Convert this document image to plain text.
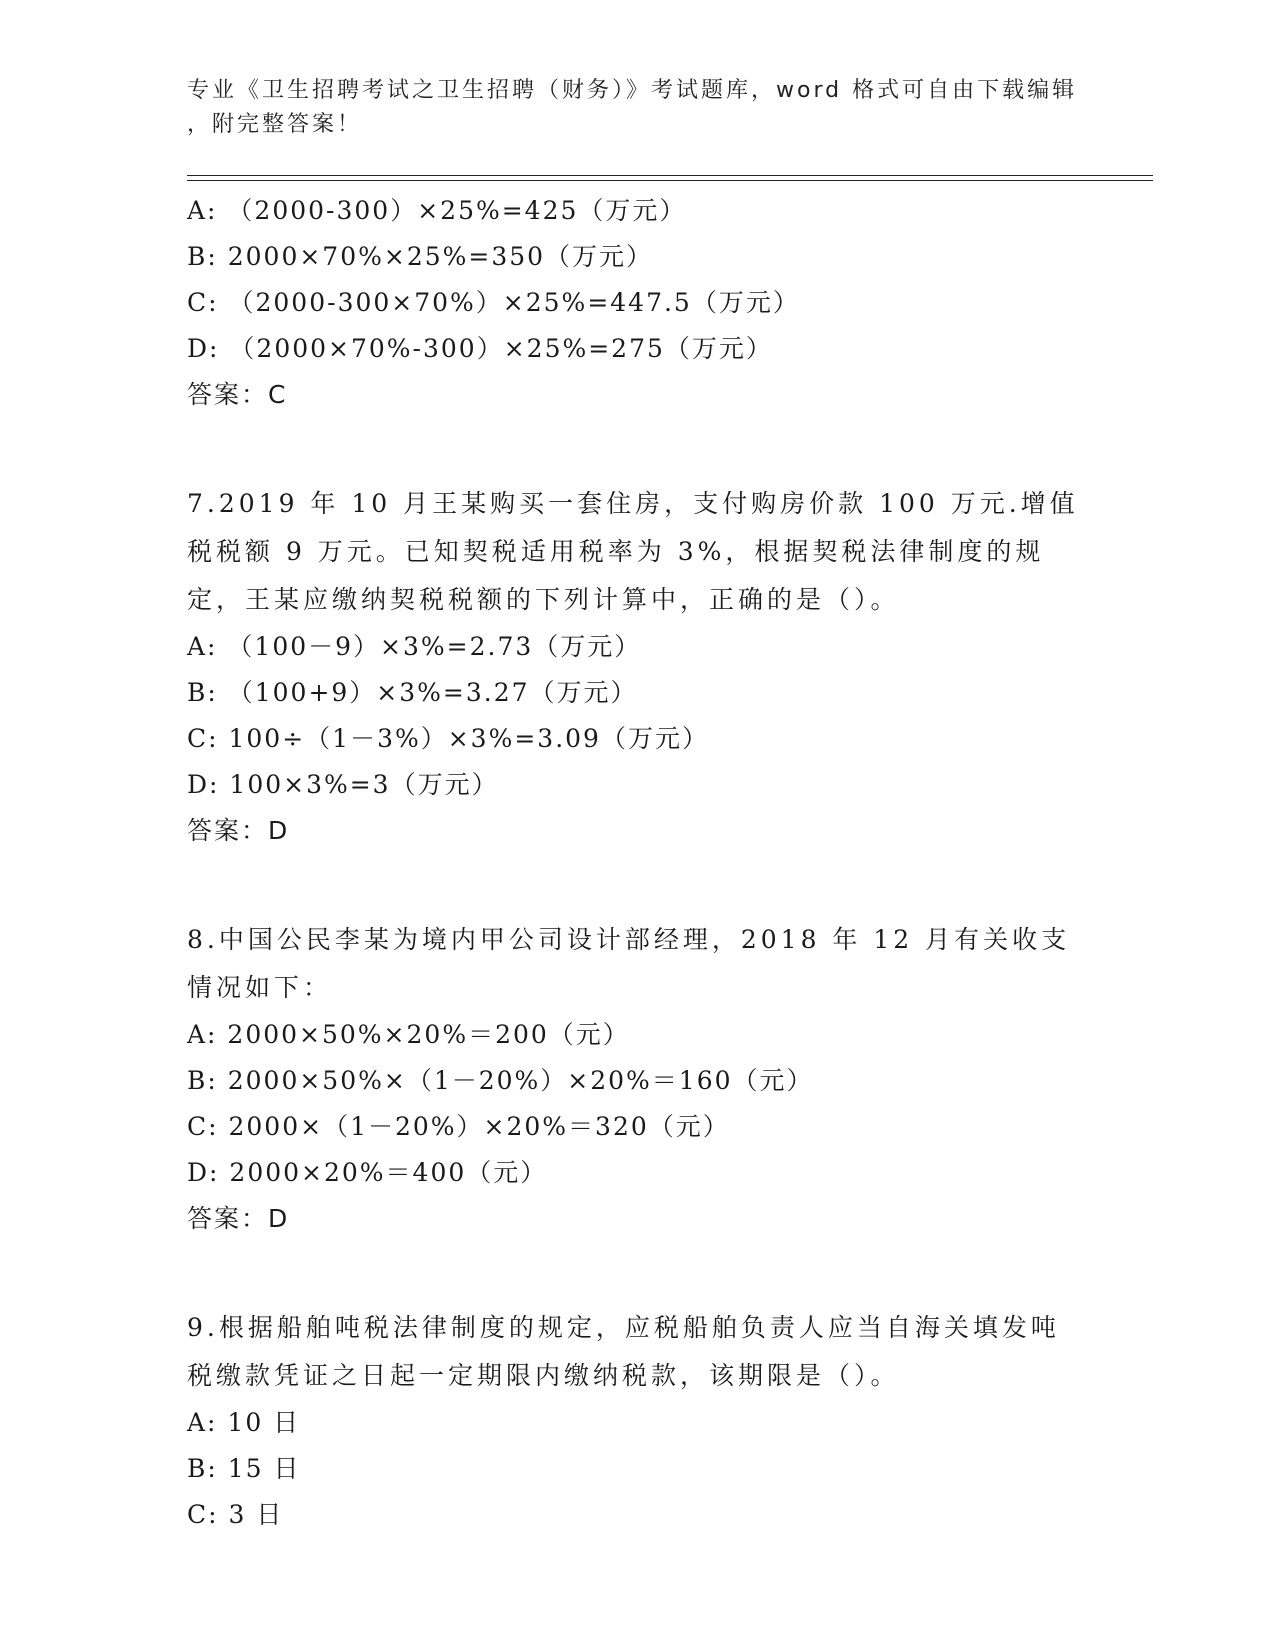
专业《卫生招聘考试之卫生招聘（财务）》考试题库，word 格式可自由下载编辑
，附完整答案！
A: （2000-300）×25%=425（万元）
B: 2000×70%×25%=350（万元）
C: （2000-300×70%）×25%=447.5（万元）
D: （2000×70%-300）×25%=275（万元）
答案：C
7.2019 年 10 月王某购买一套住房，支付购房价款 100 万元.增值税税额 9 万元。已知契税适用税率为 3%，根据契税法律制度的规定，王某应缴纳契税税额的下列计算中，正确的是（）。
A: （100－9）×3%=2.73（万元）
B: （100+9）×3%=3.27（万元）
C: 100÷（1－3%）×3%=3.09（万元）
D: 100×3%=3（万元）
答案：D
8.中国公民李某为境内甲公司设计部经理，2018 年 12 月有关收支情况如下：
A: 2000×50%×20%＝200（元）
B: 2000×50%×（1－20%）×20%＝160（元）
C: 2000×（1－20%）×20%＝320（元）
D: 2000×20%＝400（元）
答案：D
9.根据船舶吨税法律制度的规定，应税船舶负责人应当自海关填发吨税缴款凭证之日起一定期限内缴纳税款，该期限是（）。
A: 10 日
B: 15 日
C: 3 日
